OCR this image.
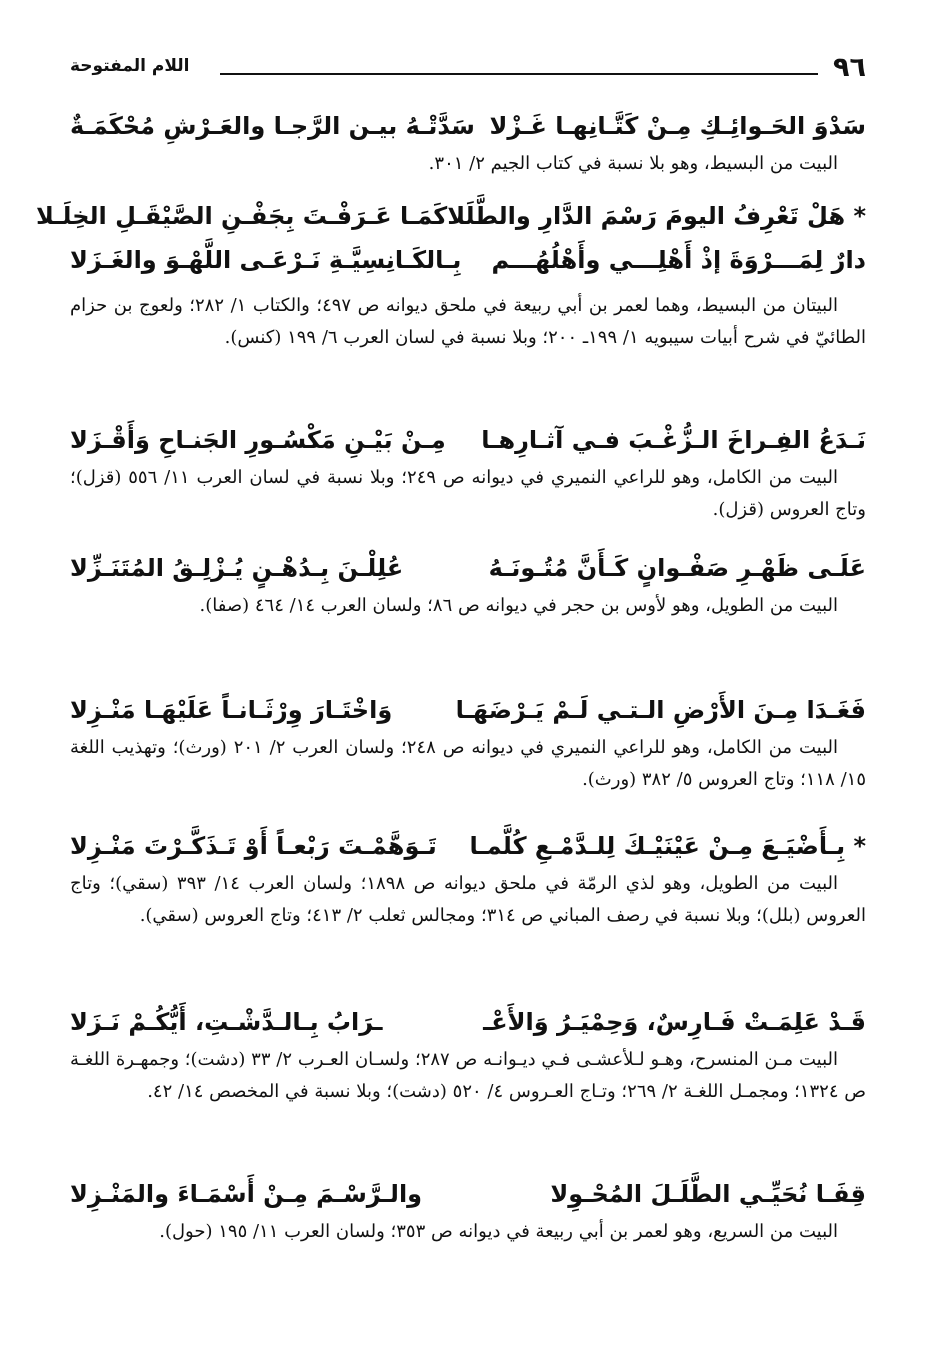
٩٦
اللام المفتوحة
سَدْوَ الحَـوائِـكِ مِـنْ كَتَّـانِهـا غَـزْلا
سَدَّتْـهُ بيـن الرَّجـا والعَـرْشِ مُحْكَمَـةٌ

البيت من البسيط، وهو بلا نسبة في كتاب الجيم ٢/ ٣٠١.

* هَلْ تَعْرِفُ اليومَ رَسْمَ الدَّارِ والطَّلَلا
كَمَـا عَـرَفْـتَ بِجَفْـنِ الصَّيْقَـلِ الخِلَـلا
دارٌ لِمَـــرْوَةَ إذْ أَهْلِـــي وأَهْلُهُـــم
بِـالكَـانِسِيَّـةِ نَـرْعَـى اللَّهْـوَ والغَـزَلا

البيتان من البسيط، وهما لعمر بن أبي ربيعة في ملحق ديوانه ص ٤٩٧؛ والكتاب ١/ ٢٨٢؛ ولعوج بن حزام الطائيّ في شرح أبيات سيبويه ١/ ١٩٩ـ ٢٠٠؛ وبلا نسبة في لسان العرب ٦/ ١٩٩ (كنس).

نَـدَعُ الفِـراخَ الـزُّغْـبَ فـي آثـارِهـا
مِـنْ بَيْـنِ مَكْسُـورِ الجَنـاحِ وَأَقْـزَلا

البيت من الكامل، وهو للراعي النميري في ديوانه ص ٢٤٩؛ وبلا نسبة في لسان العرب ١١/ ٥٥٦ (قزل)؛ وتاج العروس (قزل).

عَلَـى ظَهْـرِ صَفْـوانٍ كَـأَنَّ مُتُـونَـهُ
عُلِلْـنَ بِـدُهْـنٍ يُـزْلِـقُ المُتَنَـزِّلا

البيت من الطويل، وهو لأوس بن حجر في ديوانه ص ٨٦؛ ولسان العرب ١٤/ ٤٦٤ (صفا).

فَغَـدَا مِـنَ الأَرْضِ الـتـي لَـمْ يَـرْضَهَـا
وَاخْتَـارَ وِرْثَـانـاً عَلَيْهَـا مَنْـزِلا

البيت من الكامل، وهو للراعي النميري في ديوانه ص ٢٤٨؛ ولسان العرب ٢/ ٢٠١ (ورث)؛ وتهذيب اللغة ١٥/ ١١٨؛ وتاج العروس ٥/ ٣٨٢ (ورث).

* بِـأَضْيَـعَ مِـنْ عَيْنَيْـكَ لِلـدَّمْـعِ كُلَّمـا
تَـوَهَّمْـتَ رَبْعـاً أَوْ تَـذَكَّـرْتَ مَنْـزِلا

البيت من الطويل، وهو لذي الرمّة في ملحق ديوانه ص ١٨٩٨؛ ولسان العرب ١٤/ ٣٩٣ (سقي)؛ وتاج العروس (بلل)؛ وبلا نسبة في رصف المباني ص ٣١٤؛ ومجالس ثعلب ٢/ ٤١٣؛ وتاج العروس (سقي).

قَـدْ عَلِمَـتْ فَـارِسٌ، وَحِمْيَـرُ وَالأَعْـ
ـرَابُ بِـالـدَّشْـتِ، أَيُّكُـمْ نَـزَلا

البيت مـن المنسرح، وهـو لـلأعشـى فـي ديـوانـه ص ٢٨٧؛ ولسـان العـرب ٢/ ٣٣ (دشت)؛ وجمهـرة اللغـة ص ١٣٢٤؛ ومجمـل اللغـة ٢/ ٢٦٩؛ وتـاج العـروس ٤/ ٥٢٠ (دشت)؛ وبلا نسبة في المخصص ١٤/ ٤٢.

قِفَـا نُحَيِّـي الطَّلَـلَ المُحْـوِلا
والـرَّسْـمَ مِـنْ أَسْمَـاءَ والمَنْـزِلا

البيت من السريع، وهو لعمر بن أبي ربيعة في ديوانه ص ٣٥٣؛ ولسان العرب ١١/ ١٩٥ (حول).
